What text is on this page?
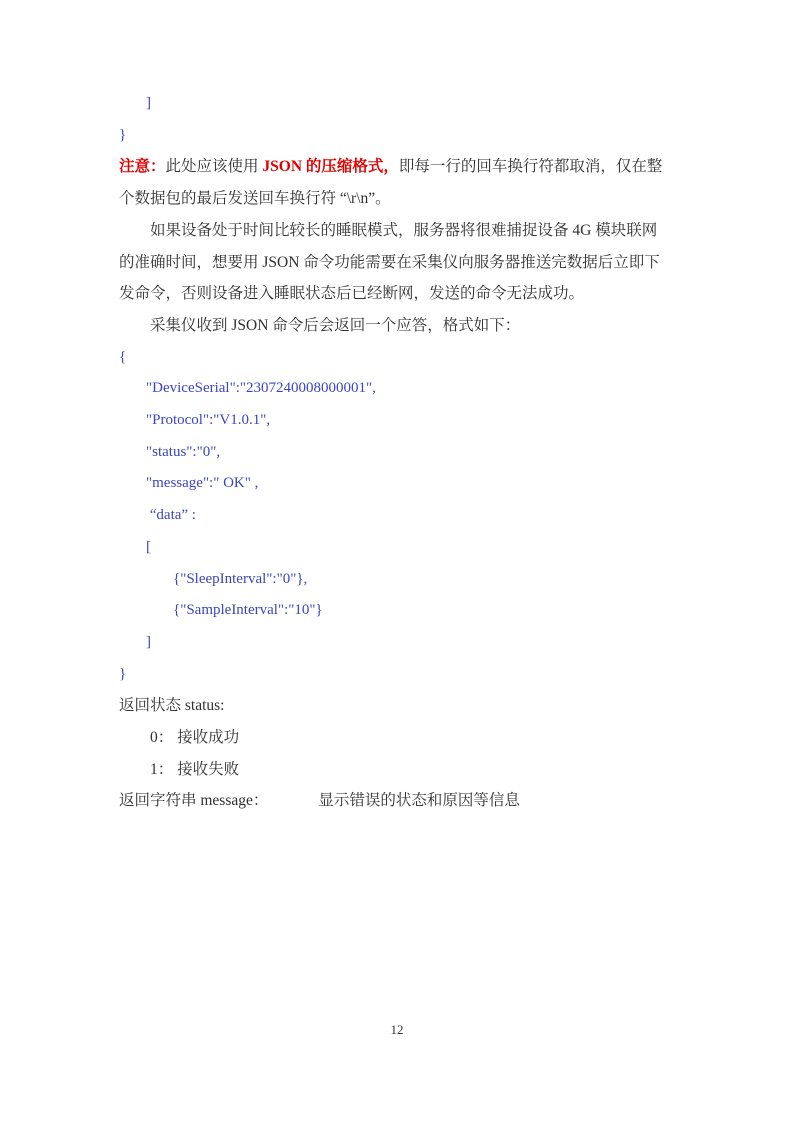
]
}
注意：此处应该使用 JSON 的压缩格式，即每一行的回车换行符都取消，仅在整
个数据包的最后发送回车换行符 “\r\n”。
如果设备处于时间比较长的睡眠模式，服务器将很难捕捉设备 4G 模块联网
的准确时间，想要用 JSON 命令功能需要在采集仪向服务器推送完数据后立即下
发命令，否则设备进入睡眠状态后已经断网，发送的命令无法成功。
采集仪收到 JSON 命令后会返回一个应答，格式如下：
{
"DeviceSerial":"2307240008000001",
"Protocol":"V1.0.1",
"status":"0",
"message":" OK" ,
“data” :
[
{"SleepInterval":"0"},
{"SampleInterval":"10"}
]
}
返回状态 status:
0： 接收成功
1： 接收失败
返回字符串 message：	显示错误的状态和原因等信息
12
